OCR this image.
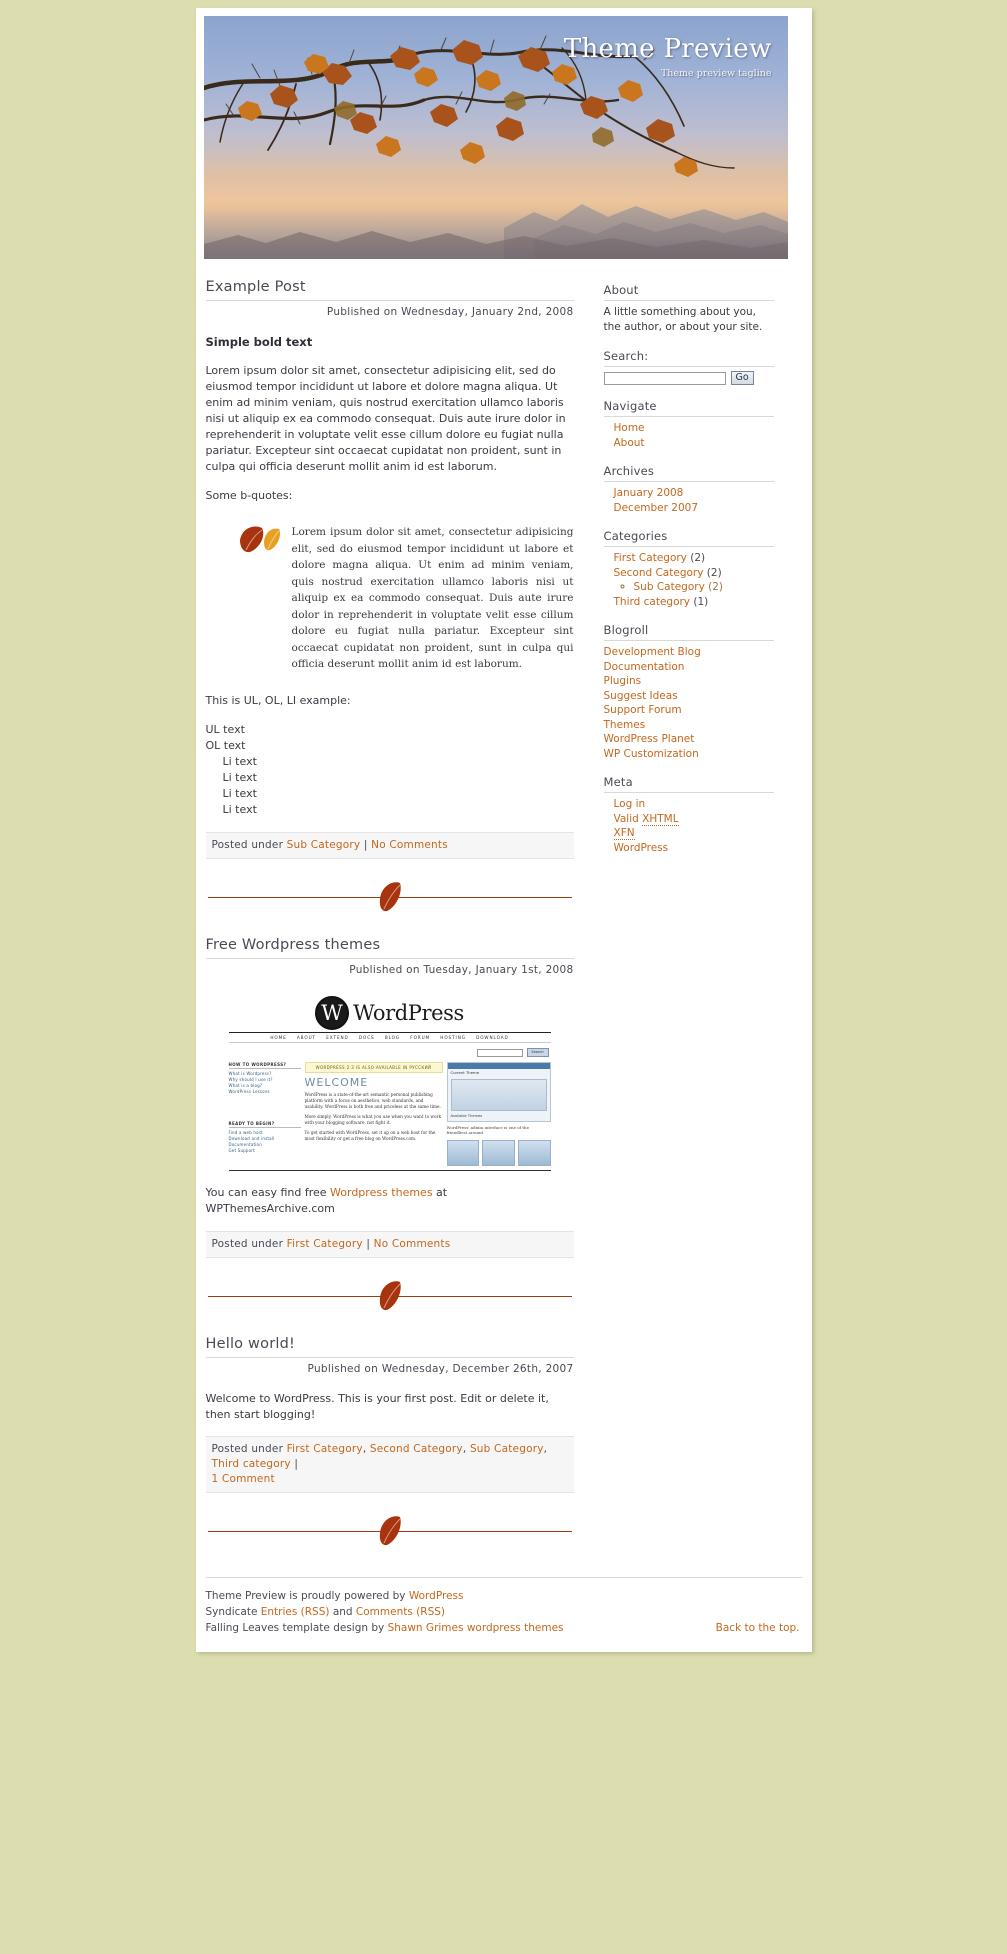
Theme Preview

Theme preview tagline

Example Post
Published on Wednesday, January 2nd, 2008

Simple bold text

Lorem ipsum dolor sit amet, consectetur adipisicing elit, sed do eiusmod tempor incididunt ut labore et dolore magna aliqua. Ut enim ad minim veniam, quis nostrud exercitation ullamco laboris nisi ut aliquip ex ea commodo consequat. Duis aute irure dolor in reprehenderit in voluptate velit esse cillum dolore eu fugiat nulla pariatur. Excepteur sint occaecat cupidatat non proident, sunt in culpa qui officia deserunt mollit anim id est laborum.

Some b-quotes:

Lorem ipsum dolor sit amet, consectetur adipisicing elit, sed do eiusmod tempor incididunt ut labore et dolore magna aliqua. Ut enim ad minim veniam, quis nostrud exercitation ullamco laboris nisi ut aliquip ex ea commodo consequat. Duis aute irure dolor in reprehenderit in voluptate velit esse cillum dolore eu fugiat nulla pariatur. Excepteur sint occaecat cupidatat non proident, sunt in culpa qui officia deserunt mollit anim id est laborum.

This is UL, OL, LI example:

UL text
OL text
Li text
Li text
Li text
Li text
Posted under Sub Category | No Comments
Free Wordpress themes
Published on Tuesday, January 1st, 2008
W WordPress
HOME ABOUT EXTEND DOCS BLOG FORUM HOSTING DOWNLOAD
Search
HOW TO WORDPRESS?
What is Wordpress?
Why should I use it?
What is a blog?
WordPress Lessons
READY TO BEGIN?
Find a web host
Download and install
Documentation
Get Support
WORDPRESS 2.3 IS ALSO AVAILABLE IN РУССКИЙ
WELCOME
WordPress is a state-of-the-art semantic personal publishing platform with a focus on aesthetics, web standards, and usability. WordPress is both free and priceless at the same time.
More simply, WordPress is what you use when you want to work with your blogging software, not fight it.
To get started with WordPress, set it up on a web host for the most flexibility or get a free blog on WordPress.com.
Current Theme
Available Themes
WordPress' admin interface is one of the friendliest around.

You can easy find free Wordpress themes at WPThemesArchive.com

Posted under First Category | No Comments
Hello world!
Published on Wednesday, December 26th, 2007

Welcome to WordPress. This is your first post. Edit or delete it, then start blogging!

Posted under First Category, Second Category, Sub Category, Third category |
1 Comment
About

A little something about you, the author, or about your site.

Search:
Go
Navigate
Home
About
Archives
January 2008
December 2007
Categories
First Category (2)
Second Category (2)
◦ Sub Category (2)
Third category (1)
Blogroll
Development Blog
Documentation
Plugins
Suggest Ideas
Support Forum
Themes
WordPress Planet
WP Customization
Meta
Log in
Valid XHTML
XFN
WordPress
Theme Preview is proudly powered by WordPress
Syndicate Entries (RSS) and Comments (RSS)
Falling Leaves template design by Shawn Grimes wordpress themes	Back to the top.
